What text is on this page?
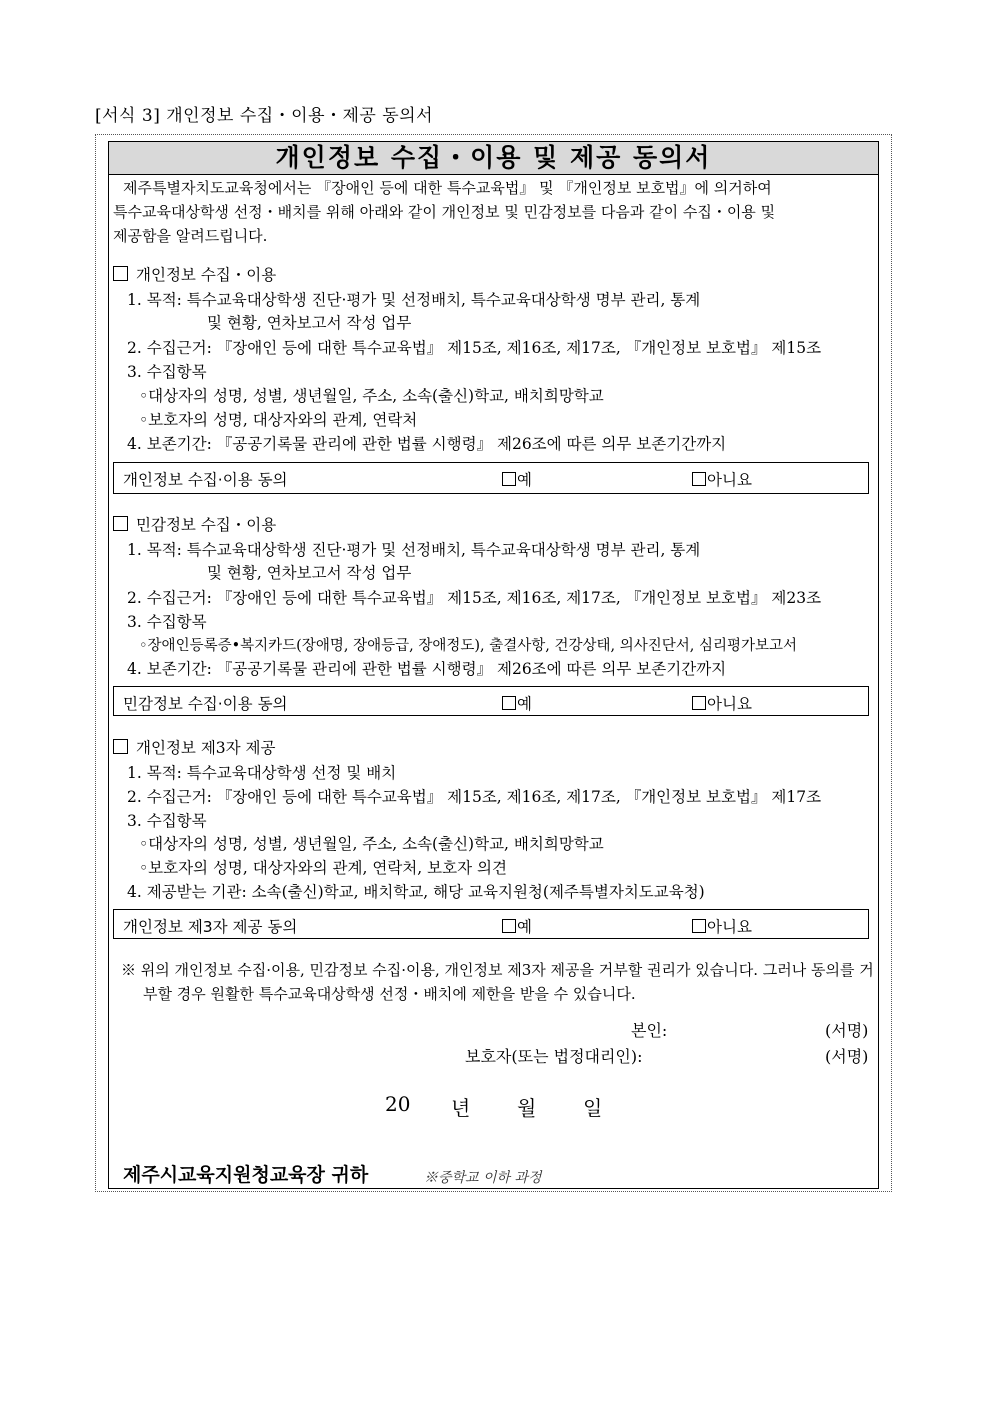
[서식 3] 개인정보 수집・이용・제공 동의서
개인정보 수집・이용 및 제공 동의서
제주특별자치도교육청에서는 『장애인 등에 대한 특수교육법』 및 『개인정보 보호법』에 의거하여
특수교육대상학생 선정・배치를 위해 아래와 같이 개인정보 및 민감정보를 다음과 같이 수집・이용 및
제공함을 알려드립니다.
개인정보 수집・이용
1. 목적: 특수교육대상학생 진단·평가 및 선정배치, 특수교육대상학생 명부 관리, 통계
및 현황, 연차보고서 작성 업무
2. 수집근거: 『장애인 등에 대한 특수교육법』 제15조, 제16조, 제17조, 『개인정보 보호법』 제15조
3. 수집항목
◦대상자의 성명, 성별, 생년월일, 주소, 소속(출신)학교, 배치희망학교
◦보호자의 성명, 대상자와의 관계, 연락처
4. 보존기간: 『공공기록물 관리에 관한 법률 시행령』 제26조에 따른 의무 보존기간까지
개인정보 수집·이용 동의	예	아니요
민감정보 수집・이용
1. 목적: 특수교육대상학생 진단·평가 및 선정배치, 특수교육대상학생 명부 관리, 통계
및 현황, 연차보고서 작성 업무
2. 수집근거: 『장애인 등에 대한 특수교육법』 제15조, 제16조, 제17조, 『개인정보 보호법』 제23조
3. 수집항목
◦장애인등록증•복지카드(장애명, 장애등급, 장애정도), 출결사항, 건강상태, 의사진단서, 심리평가보고서
4. 보존기간: 『공공기록물 관리에 관한 법률 시행령』 제26조에 따른 의무 보존기간까지
민감정보 수집·이용 동의	예	아니요
개인정보 제3자 제공
1. 목적: 특수교육대상학생 선정 및 배치
2. 수집근거: 『장애인 등에 대한 특수교육법』 제15조, 제16조, 제17조, 『개인정보 보호법』 제17조
3. 수집항목
◦대상자의 성명, 성별, 생년월일, 주소, 소속(출신)학교, 배치희망학교
◦보호자의 성명, 대상자와의 관계, 연락처, 보호자 의견
4. 제공받는 기관: 소속(출신)학교, 배치학교, 해당 교육지원청(제주특별자치도교육청)
개인정보 제3자 제공 동의	예	아니요
※ 위의 개인정보 수집·이용, 민감정보 수집·이용, 개인정보 제3자 제공을 거부할 권리가 있습니다. 그러나 동의를 거부할 경우 원활한 특수교육대상학생 선정・배치에 제한을 받을 수 있습니다.
본인:	(서명)
보호자(또는 법정대리인):	(서명)
20 년 월 일
제주시교육지원청교육장 귀하	※중학교 이하 과정
